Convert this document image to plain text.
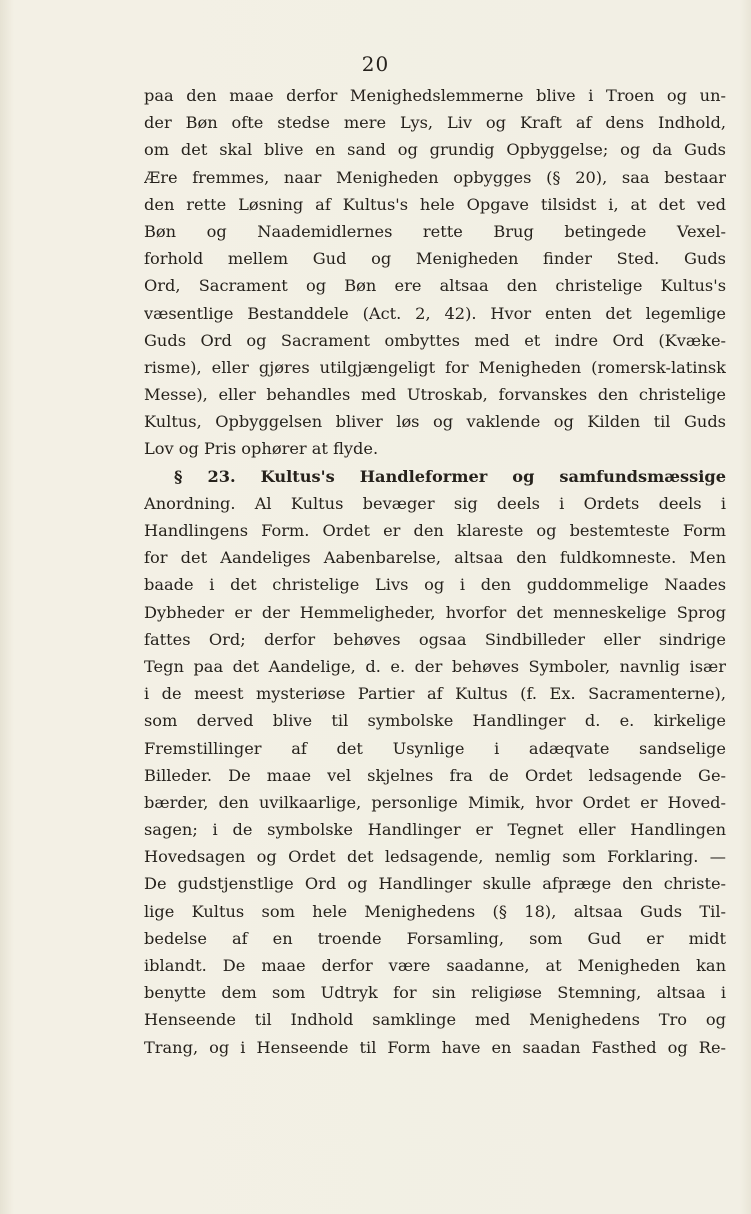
20
paa den maae derfor Menighedslemmerne blive i Troen og un-
der Bøn ofte stedse mere Lys, Liv og Kraft af dens Indhold,
om det skal blive en sand og grundig Opbyggelse; og da Guds
Ære fremmes, naar Menigheden opbygges (§ 20), saa bestaar
den rette Løsning af Kultus's hele Opgave tilsidst i, at det ved
Bøn og Naademidlernes rette Brug betingede Vexel-
forhold mellem Gud og Menigheden finder Sted. Guds
Ord, Sacrament og Bøn ere altsaa den christelige Kultus's
væsentlige Bestanddele (Act. 2, 42). Hvor enten det legemlige
Guds Ord og Sacrament ombyttes med et indre Ord (Kvæke-
risme), eller gjøres utilgjængeligt for Menigheden (romersk-latinsk
Messe), eller behandles med Utroskab, forvanskes den christelige
Kultus, Opbyggelsen bliver løs og vaklende og Kilden til Guds
Lov og Pris ophører at flyde.
§ 23. Kultus's Handleformer og samfundsmæssige
Anordning. Al Kultus bevæger sig deels i Ordets deels i
Handlingens Form. Ordet er den klareste og bestemteste Form
for det Aandeliges Aabenbarelse, altsaa den fuldkomneste. Men
baade i det christelige Livs og i den guddommelige Naades
Dybheder er der Hemmeligheder, hvorfor det menneskelige Sprog
fattes Ord; derfor behøves ogsaa Sindbilleder eller sindrige
Tegn paa det Aandelige, d. e. der behøves Symboler, navnlig især
i de meest mysteriøse Partier af Kultus (f. Ex. Sacramenterne),
som derved blive til symbolske Handlinger d. e. kirkelige
Fremstillinger af det Usynlige i adæqvate sandselige
Billeder. De maae vel skjelnes fra de Ordet ledsagende Ge-
bærder, den uvilkaarlige, personlige Mimik, hvor Ordet er Hoved-
sagen; i de symbolske Handlinger er Tegnet eller Handlingen
Hovedsagen og Ordet det ledsagende, nemlig som Forklaring. —
De gudstjenstlige Ord og Handlinger skulle afpræge den christe-
lige Kultus som hele Menighedens (§ 18), altsaa Guds Til-
bedelse af en troende Forsamling, som Gud er midt
iblandt. De maae derfor være saadanne, at Menigheden kan
benytte dem som Udtryk for sin religiøse Stemning, altsaa i
Henseende til Indhold samklinge med Menighedens Tro og
Trang, og i Henseende til Form have en saadan Fasthed og Re-
